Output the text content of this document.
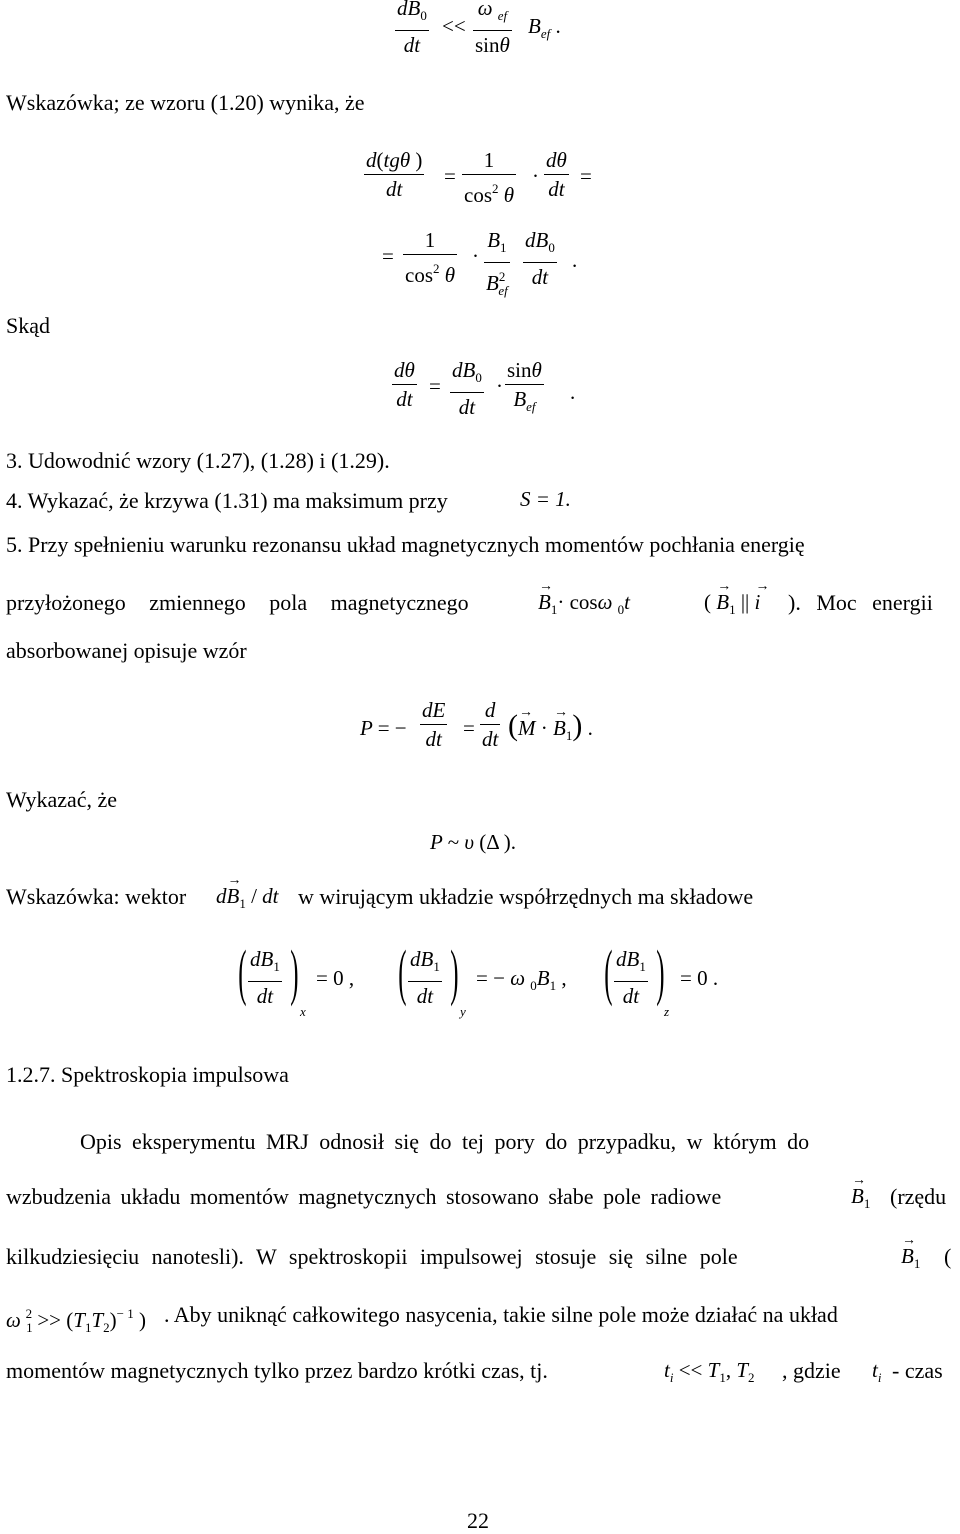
$dB_0$
dt
<<
ω $_{ef}$
sinθ
$B_{ef}$ .
Wskazówka; ze wzoru (1.20) wynika, że
d(tgθ )
dt
=
1
$\cos^2 \theta$
·
dθ
dt
=
=
1
$\cos^2 \theta$
·
$B_1$
$B^2_{ef}$
$dB_0$
dt
.
Skąd
dθ
dt
=
$dB_0$
dt
·
sinθ
$B_{ef}$
.
3. Udowodnić wzory (1.27), (1.28) i (1.29).
4. Wykazać, że krzywa (1.31) ma maksimum przy	S = 1.
5. Przy spełnieniu warunku rezonansu układ magnetycznych momentów pochłania energię
przyłożonego zmiennego pola magnetycznego	→ $B_1\cdot \cos\omega$ $_0$t	( → $B_1$ || → i ). Moc energii
absorbowanej opisuje wzór
P = −
dE
dt =
d
dt (→ M · → $B_1$) .
Wykazać, że
P ~ υ (Δ ).
Wskazówka: wektor $d\to B_1$ / dt w wirującym układzie współrzędnych ma składowe
( $dB_1$
dt )
x
= 0 , ( $dB_1$
dt )
y
= − ω $_0B_1$ , ( $dB_1$
dt )
z
= 0 .
1.2.7. Spektroskopia impulsowa
Opis eksperymentu MRJ odnosił się do tej pory do przypadku, w którym do
wzbudzenia układu momentów magnetycznych stosowano słabe pole radiowe	→ $B_1$ (rzędu
kilkudziesięciu nanotesli). W spektroskopii impulsowej stosuje się silne pole	→ $B_1$ (
ω $_1^2 >> (T_1T_2)^{- 1}$ ) . Aby uniknąć całkowitego nasycenia, takie silne pole może działać na układ
momentów magnetycznych tylko przez bardzo krótki czas, tj.	$t_i << T_1$, $T_2$ , gdzie $t_i$ - czas
22
